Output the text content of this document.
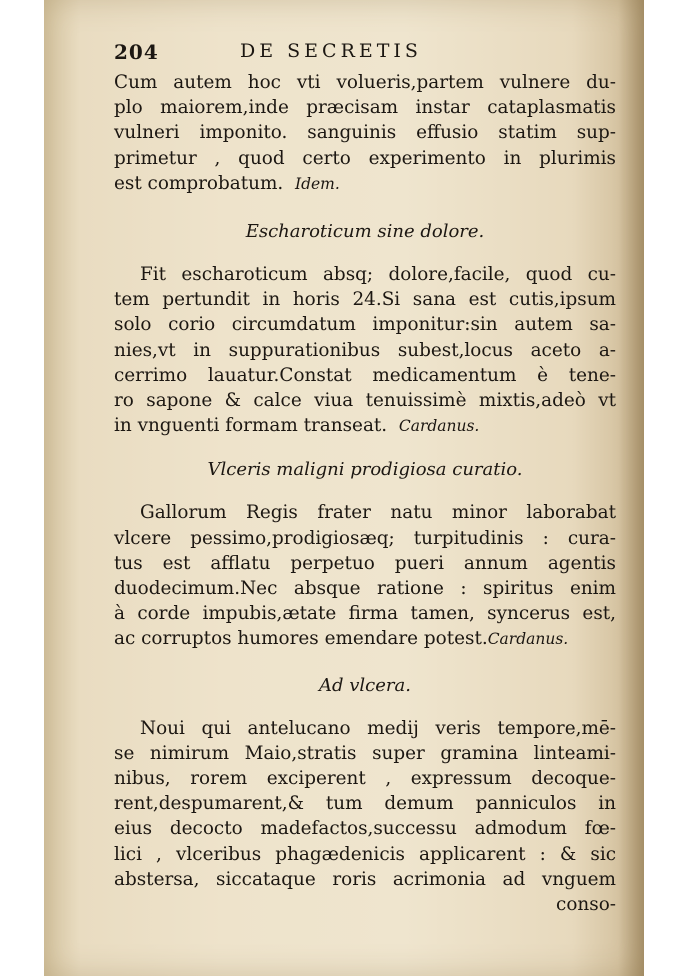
204	DE SECRETIS

Cum autem hoc vti volueris,partem vulnere du-
plo maiorem,inde præcisam instar cataplasmatis
vulneri imponito. sanguinis effusio statim sup-
primetur , quod certo experimento in plurimis
est comprobatum. Idem.

Escharoticum sine dolore.

Fit escharoticum absq; dolore,facile, quod cu-
tem pertundit in horis 24.Si sana est cutis,ipsum
solo corio circumdatum imponitur:sin autem sa-
nies,vt in suppurationibus subest,locus aceto a-
cerrimo lauatur.Constat medicamentum è tene-
ro sapone & calce viua tenuissimè mixtis,adeò vt
in vnguenti formam transeat. Cardanus.

Vlceris maligni prodigiosa curatio.

Gallorum Regis frater natu minor laborabat
vlcere pessimo,prodigiosæq; turpitudinis : cura-
tus est afflatu perpetuo pueri annum agentis
duodecimum.Nec absque ratione : spiritus enim
à corde impubis,ætate firma tamen, syncerus est,
ac corruptos humores emendare potest.Cardanus.

Ad vlcera.

Noui qui antelucano medij veris tempore,mē-
se nimirum Maio,stratis super gramina linteami-
nibus, rorem exciperent , expressum decoque-
rent,despumarent,& tum demum panniculos in
eius decocto madefactos,successu admodum fœ-
lici , vlceribus phagædenicis applicarent : & sic
abstersa, siccataque roris acrimonia ad vnguem
conso-
